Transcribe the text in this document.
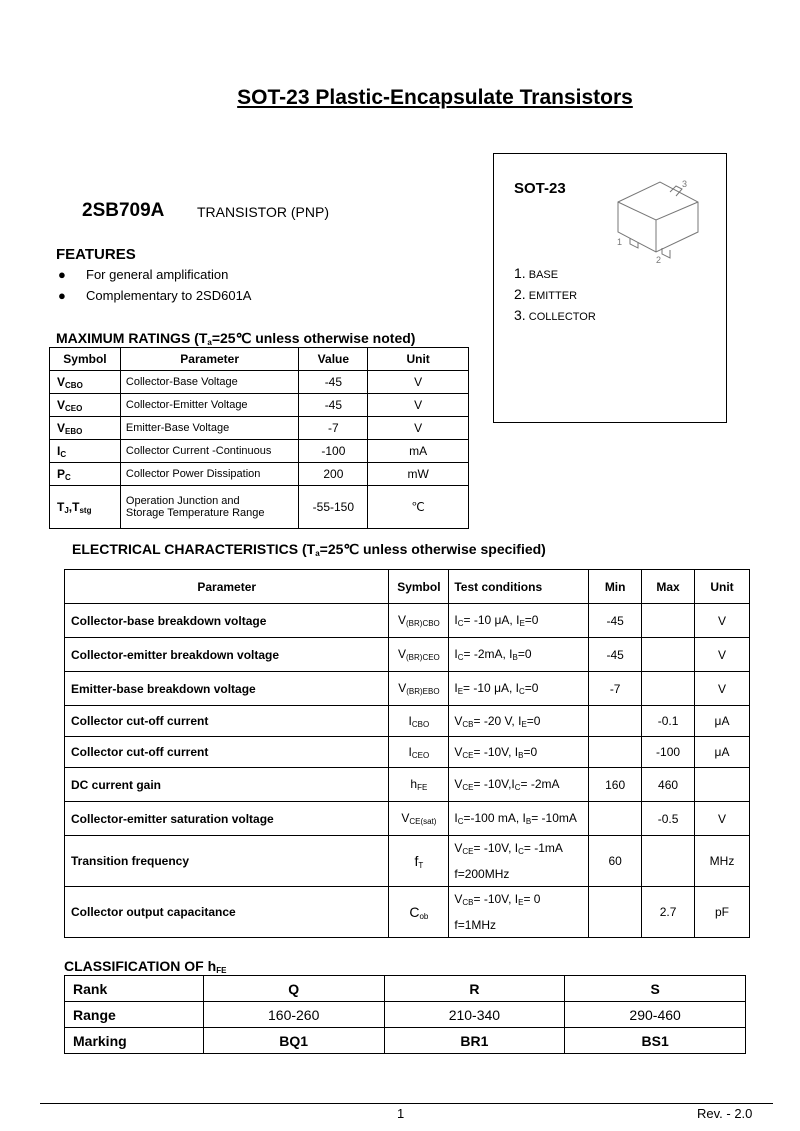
SOT-23 Plastic-Encapsulate Transistors
2SB709A TRANSISTOR (PNP)
FEATURES
● For general amplification
● Complementary to 2SD601A
SOT-23	3
1
2
1. BASE
2. EMITTER
3. COLLECTOR
MAXIMUM RATINGS ($T_a=25℃$ unless otherwise noted)
Symbol	Parameter	Value	Unit
$V_{CBO}$	Collector-Base Voltage	-45	V
$V_{CEO}$	Collector-Emitter Voltage	-45	V
$V_{EBO}$	Emitter-Base Voltage	-7	V
$I_C$	Collector Current -Continuous	-100	mA
$P_C$	Collector Power Dissipation	200	mW
$T_J,T_{stg}$	Operation Junction and
Storage Temperature Range	-55-150	℃
ELECTRICAL CHARACTERISTICS ($T_a=25℃$ unless otherwise specified)
Parameter	Symbol	Test conditions	Min	Max	Unit
Collector-base breakdown voltage	$V_{(BR)CBO}$	$I_C= -10$ μA, $I_E=0$	-45		V
Collector-emitter breakdown voltage	$V_{(BR)CEO}$	$I_C= -2mA$, $I_B=0$	-45		V
Emitter-base breakdown voltage	$V_{(BR)EBO}$	$I_E= -10$ μA, $I_C=0$	-7		V
Collector cut-off current	$I_{CBO}$	$V_{CB}= -20$ V, $I_E=0$		-0.1	μA
Collector cut-off current	$I_{CEO}$	$V_{CE}= -10V$, $I_B=0$		-100	μA
DC current gain	$h_{FE}$	$V_{CE}= -10V,I_C= -2mA$	160	460	
Collector-emitter saturation voltage	$V_{CE(sat)}$	$I_C=-100$ mA, $I_B= -10mA$		-0.5	V
Transition frequency	$f_T$	$V_{CE}= -10V$, $I_C= -1mA$
f=200MHz	60		MHz
Collector output capacitance	$C_{ob}$	$V_{CB}= -10V$, $I_E= 0$
f=1MHz		2.7	pF
CLASSIFICATION OF $h_{FE}$
Rank	Q	R	S
Range	160-260	210-340	290-460
Marking	BQ1	BR1	BS1
1	Rev. - 2.0
